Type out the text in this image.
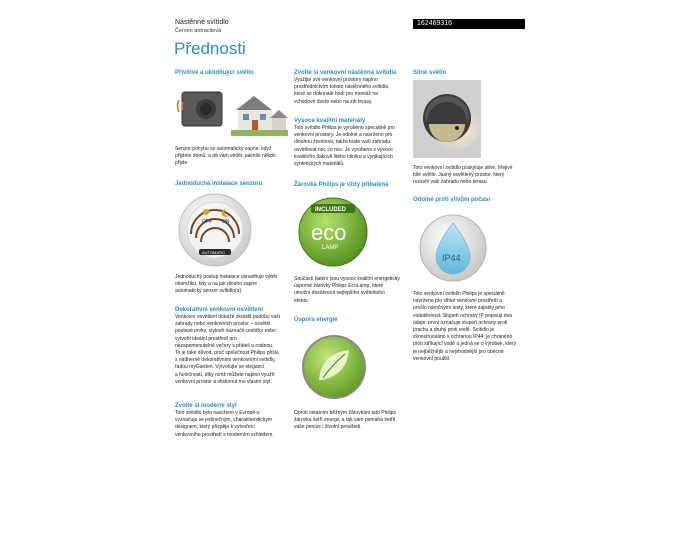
Nástěnné svítidlo
Červen antracitová
162469316
Přednosti
Přivítivé a uklidňující světlo
Senzor pohybu se automaticky zapne, když
přijdete domů, a dá vám vědět, jakmile někdo
přijde.
Jednoduchá instalace senzoru
OFF ON
AUTOMATIC
Jednoduchý postup instalace usnadňuje výběr
okamžiku, kdy a na jak dlouho zapne
automatický senzor svítidlo(a).
Dekorativní venkovní osvětlení
Venkovní osvětlení dokáže zkrášlit podobu vaší
zahrady nebo venkovních prostor – osvětlit
poutavé prvky, stylově naznačit cestičky nebo
vytvořit ideální prostředí pro
nezapomenutelné večery s přáteli a rodinou.
To je také důvod, proč společnost Philips přišla
s nádherně dekorativními venkovními svítidly,
řadou myGarden. Vytvořujte se elegancí
a funkčností, díky nimž můžete naplno využít
venkovní prostor a vtisknout mu vlastní styl.
Zvolte si moderní styl
Toto svítidlo bylo navrženo v Evropě a
vyznačuje se jedinečným, charakteristickým
designem, který přispěje k vytvoření
venkovního prostředí s moderním vzhledem.
Zvolte si venkovní nástěnná svítidla
Využijte své venkovní prostory naplno
prostřednictvím tohoto nástěnného svítidla,
které se dokonale hodí pro montáž na
vchodové dveře nebo na zdi terasy.
Vysoce kvalitní materiály
Toto svítidlo Philips je vyrobeno speciálně pro
venkovní prostory. Je odolné a navrženo pro
dlouhou životnost, takže bude vaší zahradu
osvětlovat noc co noc. Je vyrobeno z vysoce
kvalitního tlakově litého hliníku a vynikajících
syntetických materiálů.
Žárovka Philips je vždy přibalena
INCLUDED
eco
LAMP
Součástí balení jsou vysoce kvalitní energeticky
úsporné žárovky Philips EcoLamp, které
umožní dosáhnout nejlepšího světelného
efektu.
Úspora energie
Oproti ostatním běžným žárovkám tato Philips
žárovka šetří energii, a tak vám pomáhá šetřit
vaše peníze i životní prostředí.
Silné světlo
Toto venkovní svítidlo poskytuje silné, hřejivé
bílé světlo. Jasný osvětlený prostor, který
rozsvítí vaši zahradu nebo terasu.
Odolné proti vlivům počasí
IP44
Toto venkovní svítidlo Philips je speciálně
navrženo pro vlhké venkovní prostředí a
prošlo náročnými testy, které zajistily jeho
vodotěsnost. Stupeň ochrany IP popisují dva
údaje: první označuje stupeň ochrany proti
prachu a druhý proti vodě. Svítidlo je
zkonstruováno s ochranou IP44: je chráněno
proti stříkající vodě a jedná se o výrobek, který
je nejběžnější a nejvhodnější pro obecné
venkovní použití.
